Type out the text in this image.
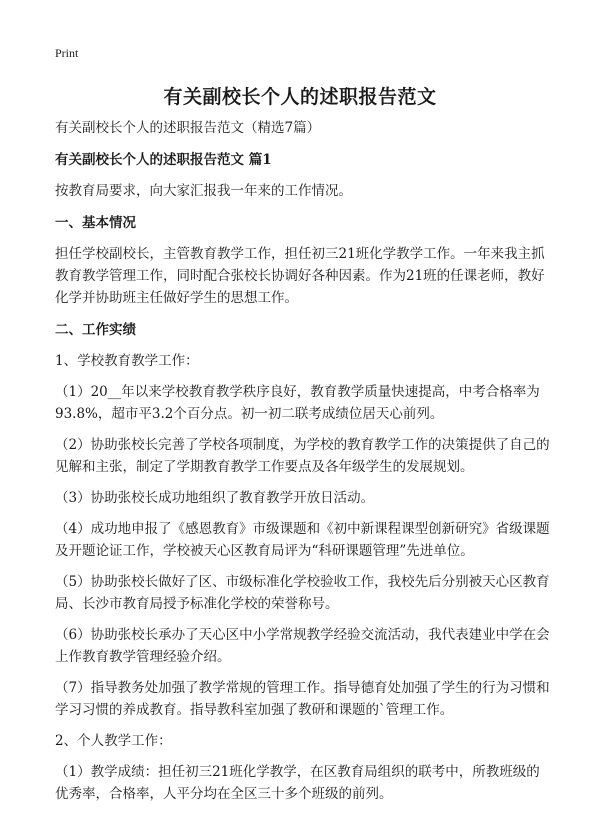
Print
有关副校长个人的述职报告范文

有关副校长个人的述职报告范文（精选7篇）

有关副校长个人的述职报告范文 篇1

按教育局要求，向大家汇报我一年来的工作情况。

一、基本情况

担任学校副校长，主管教育教学工作，担任初三21班化学教学工作。一年来我主抓教育教学管理工作，同时配合张校长协调好各种因素。作为21班的任课老师，教好化学并协助班主任做好学生的思想工作。

二、工作实绩

1、学校教育教学工作：

（1）20__年以来学校教育教学秩序良好，教育教学质量快速提高，中考合格率为93.8%，超市平3.2个百分点。初一初二联考成绩位居天心前列。

（2）协助张校长完善了学校各项制度，为学校的教育教学工作的决策提供了自己的见解和主张，制定了学期教育教学工作要点及各年级学生的发展规划。

（3）协助张校长成功地组织了教育教学开放日活动。

（4）成功地申报了《感恩教育》市级课题和《初中新课程课型创新研究》省级课题及开题论证工作，学校被天心区教育局评为“科研课题管理”先进单位。

（5）协助张校长做好了区、市级标准化学校验收工作，我校先后分别被天心区教育局、长沙市教育局授予标准化学校的荣誉称号。

（6）协助张校长承办了天心区中小学常规教学经验交流活动，我代表建业中学在会上作教育教学管理经验介绍。

（7）指导教务处加强了教学常规的管理工作。指导德育处加强了学生的行为习惯和学习习惯的养成教育。指导教科室加强了教研和课题的`管理工作。

2、个人教学工作：

（1）教学成绩：担任初三21班化学教学，在区教育局组织的联考中，所教班级的优秀率，合格率，人平分均在全区三十多个班级的前列。
